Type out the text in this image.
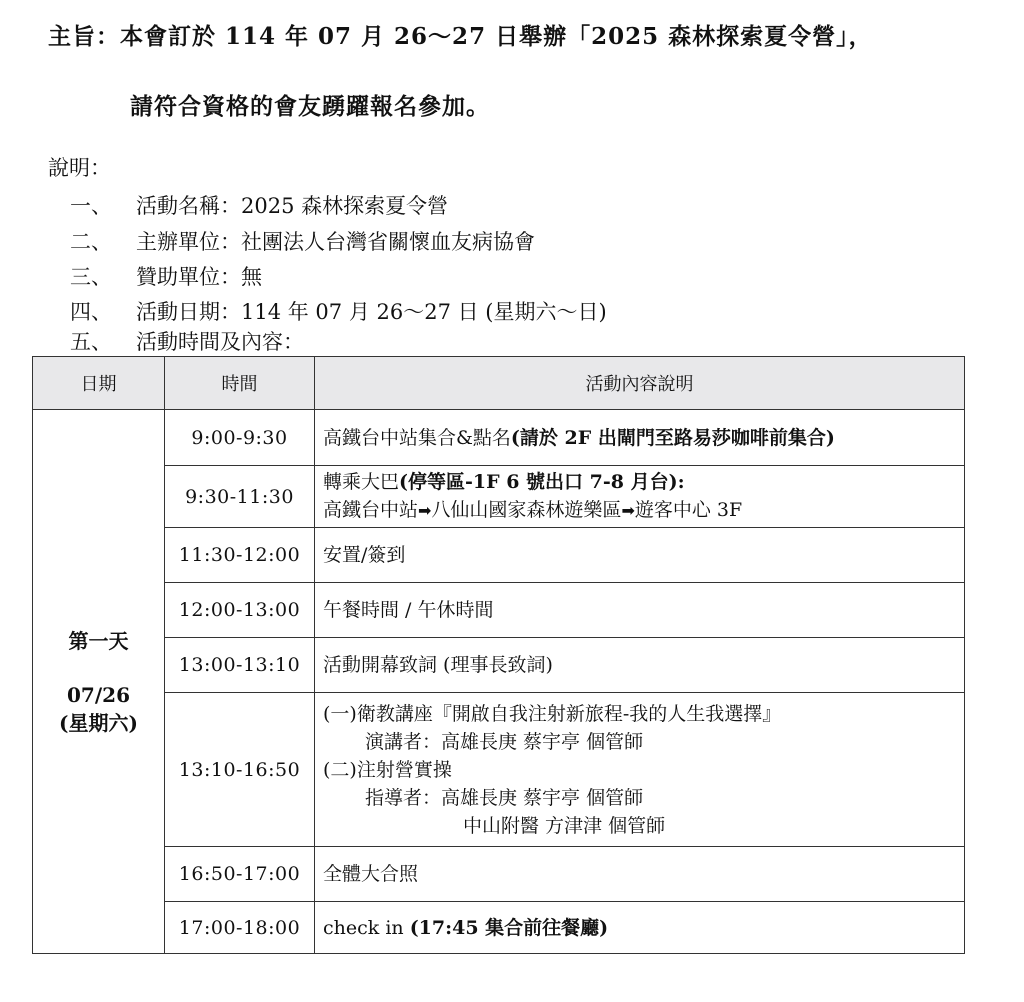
主旨：本會訂於 114 年 07 月 26～27 日舉辦「2025 森林探索夏令營」，
請符合資格的會友踴躍報名參加。
說明：
一、 活動名稱：2025 森林探索夏令營
二、 主辦單位：社團法人台灣省關懷血友病協會
三、 贊助單位：無
四、 活動日期：114 年 07 月 26～27 日 (星期六～日)
五、 活動時間及內容：
日期	時間	活動內容說明

第一天
07/26
(星期六)	9:00-9:30	高鐵台中站集合&點名(請於 2F 出閘門至路易莎咖啡前集合)
	9:30-11:30	轉乘大巴(停等區-1F 6 號出口 7-8 月台):
高鐵台中站➡八仙山國家森林遊樂區➡遊客中心 3F

	11:30-12:00	安置/簽到
	12:00-13:00	午餐時間 / 午休時間
	13:00-13:10	活動開幕致詞 (理事長致詞)
	13:10-16:50	(一)衛教講座『開啟自我注射新旅程-我的人生我選擇』
演講者：高雄長庚 蔡宇亭 個管師
(二)注射營實操
指導者：高雄長庚 蔡宇亭 個管師
中山附醫 方津津 個管師

	16:50-17:00	全體大合照
	17:00-18:00	check in (17:45 集合前往餐廳)
